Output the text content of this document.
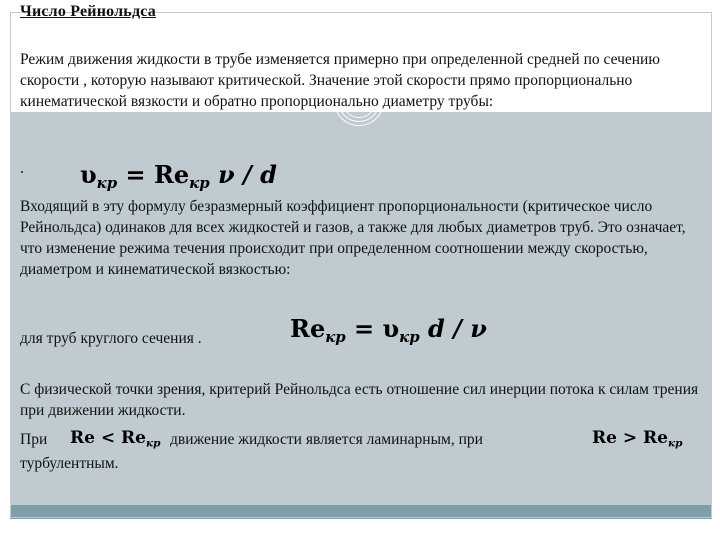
Число Рейнольдса

Режим движения жидкости в трубе изменяется примерно при определенной средней по сечению скорости , которую называют критической. Значение этой скорости прямо пропорционально кинематической вязкости и обратно пропорционально диаметру трубы:

. $\upsilon_{кр} = Re_{кр}$ ν / d

Входящий в эту формулу безразмерный коэффициент пропорциональности (критическое число Рейнольдса) одинаков для всех жидкостей и газов, а также для любых диаметров труб. Это означает, что изменение режима течения происходит при определенном соотношении между скоростью, диаметром и кинематической вязкостью:

для труб круглого сечения .	$Re_{кр} = \upsilon_{кр}$ d / ν

С физической точки зрения, критерий Рейнольдса есть отношение сил инерции потока к силам трения при движении жидкости.

При $Re < Re_{кр}$ движение жидкости является ламинарным, при	$Re > Re_{кр}$
турбулентным.
